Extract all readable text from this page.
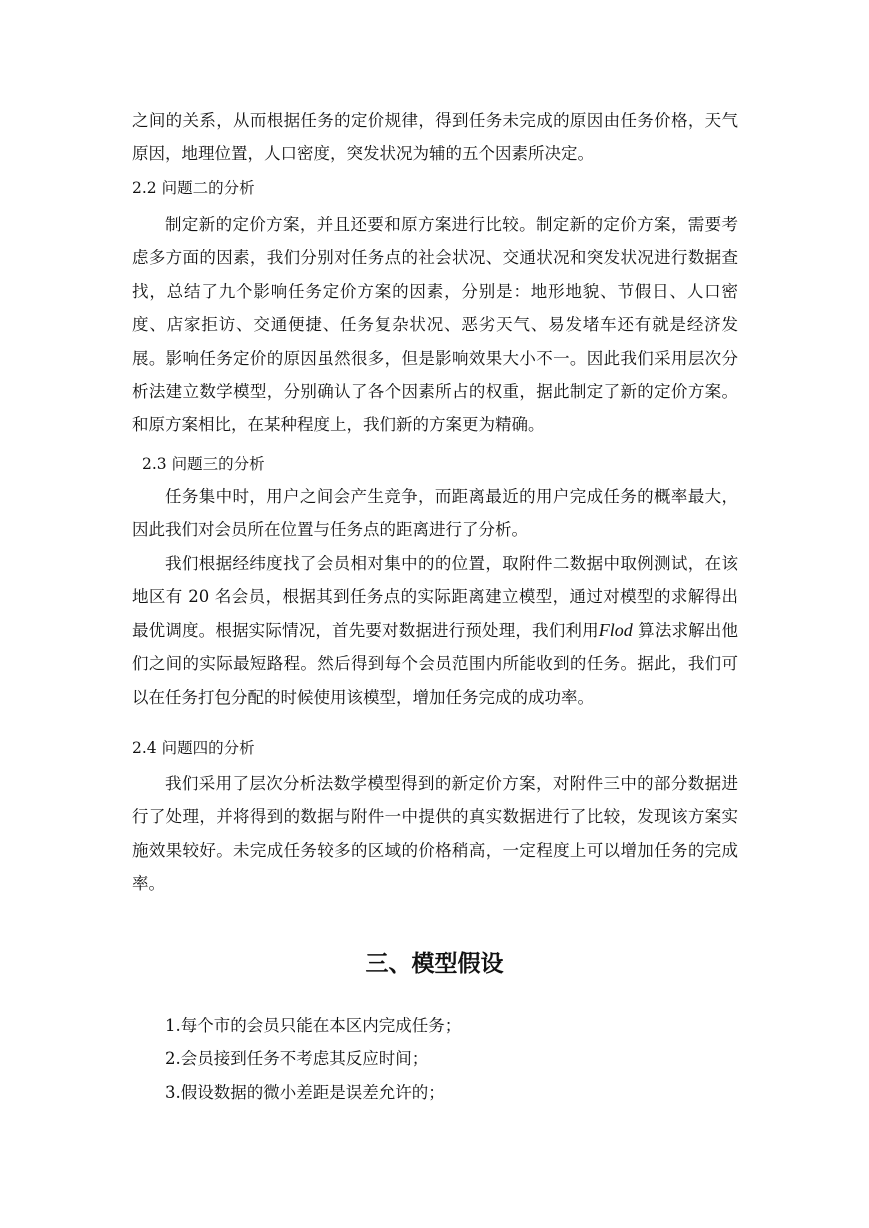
之间的关系，从而根据任务的定价规律，得到任务未完成的原因由任务价格，天气原因，地理位置，人口密度，突发状况为辅的五个因素所决定。

2.2 问题二的分析

制定新的定价方案，并且还要和原方案进行比较。制定新的定价方案，需要考虑多方面的因素，我们分别对任务点的社会状况、交通状况和突发状况进行数据查找，总结了九个影响任务定价方案的因素，分别是：地形地貌、节假日、人口密度、店家拒访、交通便捷、任务复杂状况、恶劣天气、易发堵车还有就是经济发展。影响任务定价的原因虽然很多，但是影响效果大小不一。因此我们采用层次分析法建立数学模型，分别确认了各个因素所占的权重，据此制定了新的定价方案。和原方案相比，在某种程度上，我们新的方案更为精确。

2.3 问题三的分析

任务集中时，用户之间会产生竞争，而距离最近的用户完成任务的概率最大，因此我们对会员所在位置与任务点的距离进行了分析。

我们根据经纬度找了会员相对集中的的位置，取附件二数据中取例测试，在该地区有 20 名会员，根据其到任务点的实际距离建立模型，通过对模型的求解得出最优调度。根据实际情况，首先要对数据进行预处理，我们利用Flod 算法求解出他们之间的实际最短路程。然后得到每个会员范围内所能收到的任务。据此，我们可以在任务打包分配的时候使用该模型，增加任务完成的成功率。

2.4 问题四的分析

我们采用了层次分析法数学模型得到的新定价方案，对附件三中的部分数据进行了处理，并将得到的数据与附件一中提供的真实数据进行了比较，发现该方案实施效果较好。未完成任务较多的区域的价格稍高，一定程度上可以增加任务的完成率。

三、模型假设

1.每个市的会员只能在本区内完成任务；

2.会员接到任务不考虑其反应时间；

3.假设数据的微小差距是误差允许的；
